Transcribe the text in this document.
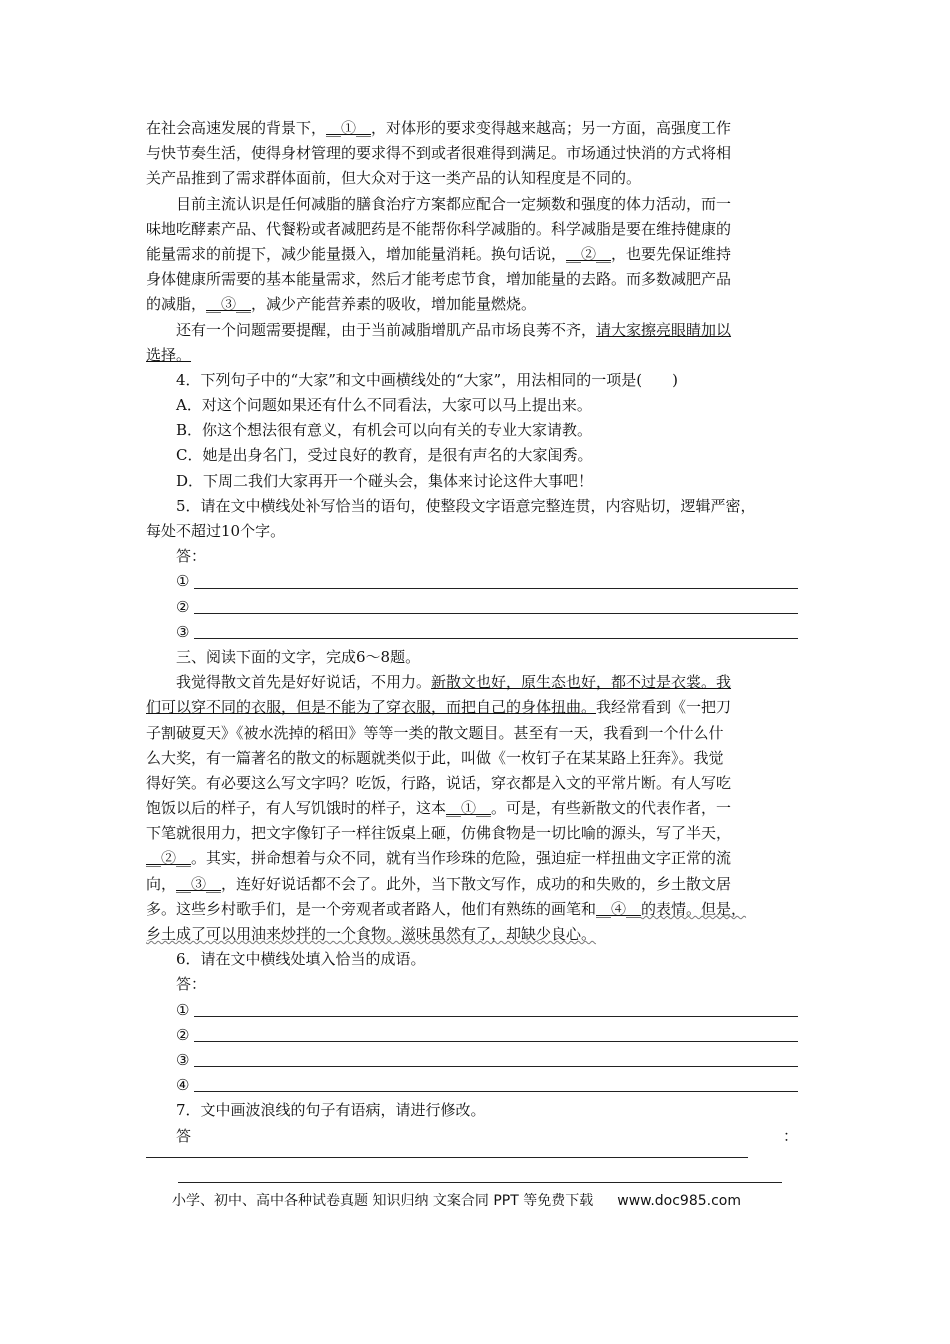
在社会高速发展的背景下，__①__，对体形的要求变得越来越高；另一方面，高强度工作
与快节奏生活，使得身材管理的要求得不到或者很难得到满足。市场通过快消的方式将相
关产品推到了需求群体面前，但大众对于这一类产品的认知程度是不同的。
目前主流认识是任何减脂的膳食治疗方案都应配合一定频数和强度的体力活动，而一
味地吃酵素产品、代餐粉或者减肥药是不能帮你科学减脂的。科学减脂是要在维持健康的
能量需求的前提下，减少能量摄入，增加能量消耗。换句话说，__②__，也要先保证维持
身体健康所需要的基本能量需求，然后才能考虑节食，增加能量的去路。而多数减肥产品
的减脂，__③__，减少产能营养素的吸收，增加能量燃烧。
还有一个问题需要提醒，由于当前减脂增肌产品市场良莠不齐，请大家擦亮眼睛加以
选择。
4．下列句子中的“大家”和文中画横线处的“大家”，用法相同的一项是(　　)
A．对这个问题如果还有什么不同看法，大家可以马上提出来。
B．你这个想法很有意义，有机会可以向有关的专业大家请教。
C．她是出身名门，受过良好的教育，是很有声名的大家闺秀。
D．下周二我们大家再开一个碰头会，集体来讨论这件大事吧！
5．请在文中横线处补写恰当的语句，使整段文字语意完整连贯，内容贴切，逻辑严密，
每处不超过10个字。
答：
①
②
③
三、阅读下面的文字，完成6～8题。
我觉得散文首先是好好说话，不用力。新散文也好，原生态也好，都不过是衣裳。我
们可以穿不同的衣服，但是不能为了穿衣服，而把自己的身体扭曲。我经常看到《一把刀
子割破夏天》《被水洗掉的稻田》等等一类的散文题目。甚至有一天，我看到一个什么什
么大奖，有一篇著名的散文的标题就类似于此，叫做《一枚钉子在某某路上狂奔》。我觉
得好笑。有必要这么写文字吗？吃饭，行路，说话，穿衣都是入文的平常片断。有人写吃
饱饭以后的样子，有人写饥饿时的样子，这本__①__。可是，有些新散文的代表作者，一
下笔就很用力，把文字像钉子一样往饭桌上砸，仿佛食物是一切比喻的源头，写了半天，
__②__。其实，拼命想着与众不同，就有当作珍珠的危险，强迫症一样扭曲文字正常的流
向，__③__，连好好说话都不会了。此外，当下散文写作，成功的和失败的，乡土散文居
多。这些乡村歌手们，是一个旁观者或者路人，他们有熟练的画笔和__④__的表情。但是，
乡土成了可以用油来炒拌的一个食物。滋味虽然有了，却缺少良心。
6．请在文中横线处填入恰当的成语。
答：
①
②
③
④
7．文中画波浪线的句子有语病，请进行修改。
答	：
小学、初中、高中各种试卷真题 知识归纳 文案合同 PPT 等免费下载 www.doc985.com
